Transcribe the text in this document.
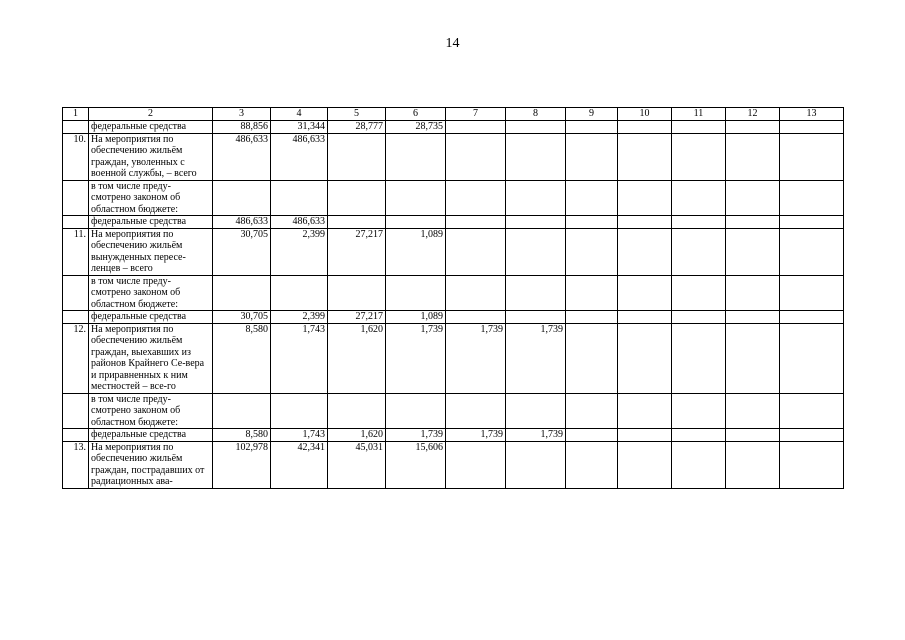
14
1	2	3	4	5	6	7	8	9	10	11	12	13
	федеральные средства	88,856	31,344	28,777	28,735							
10.	На мероприятия по обеспечению жильём граждан, уволенных с военной службы, – всего	486,633	486,633									
	в том числе преду-смотрено законом об областном бюджете:											
	федеральные средства	486,633	486,633									
11.	На мероприятия по обеспечению жильём вынужденных пересе-ленцев – всего	30,705	2,399	27,217	1,089							
	в том числе преду-смотрено законом об областном бюджете:											
	федеральные средства	30,705	2,399	27,217	1,089							
12.	На мероприятия по обеспечению жильём граждан, выехавших из районов Крайнего Се-вера и приравненных к ним местностей – все-го	8,580	1,743	1,620	1,739	1,739	1,739					
	в том числе преду-смотрено законом об областном бюджете:											
	федеральные средства	8,580	1,743	1,620	1,739	1,739	1,739					
13.	На мероприятия по обеспечению жильём граждан, пострадавших от радиационных ава-	102,978	42,341	45,031	15,606							
